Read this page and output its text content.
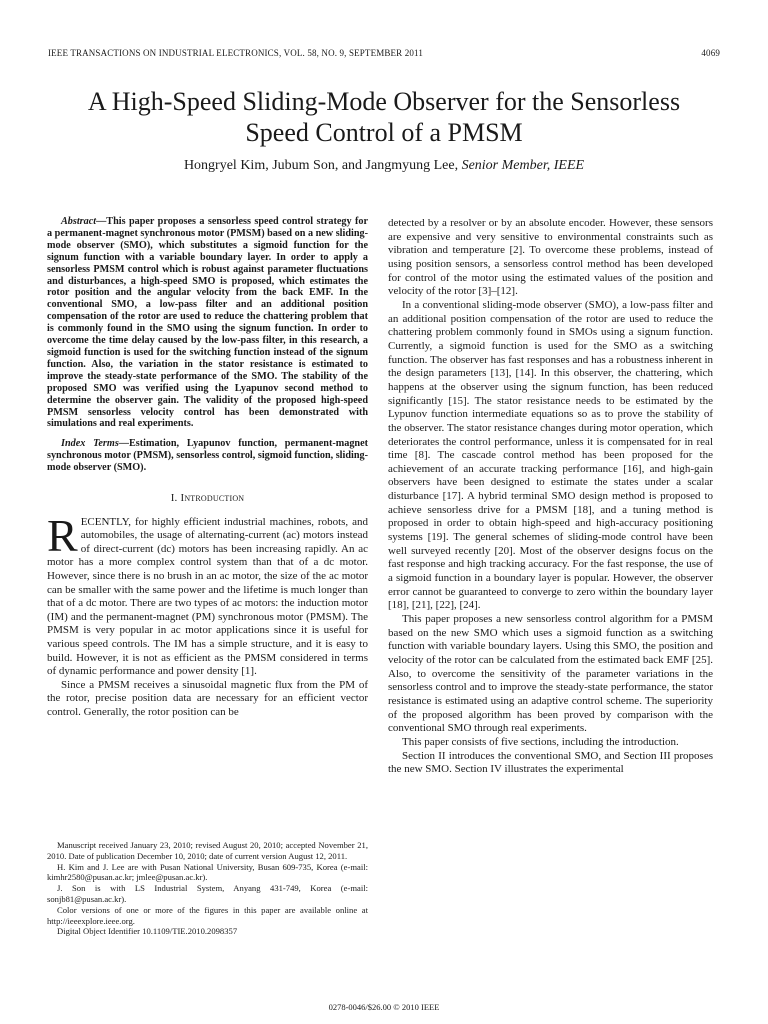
IEEE TRANSACTIONS ON INDUSTRIAL ELECTRONICS, VOL. 58, NO. 9, SEPTEMBER 2011	4069
A High-Speed Sliding-Mode Observer for the Sensorless Speed Control of a PMSM
Hongryel Kim, Jubum Son, and Jangmyung Lee, Senior Member, IEEE

Abstract—This paper proposes a sensorless speed control strategy for a permanent-magnet synchronous motor (PMSM) based on a new sliding-mode observer (SMO), which substitutes a sigmoid function for the signum function with a variable boundary layer. In order to apply a sensorless PMSM control which is robust against parameter fluctuations and disturbances, a high-speed SMO is proposed, which estimates the rotor position and the angular velocity from the back EMF. In the conventional SMO, a low-pass filter and an additional position compensation of the rotor are used to reduce the chattering problem that is commonly found in the SMO using the signum function. In order to overcome the time delay caused by the low-pass filter, in this research, a sigmoid function is used for the switching function instead of the signum function. Also, the variation in the stator resistance is estimated to improve the steady-state performance of the SMO. The stability of the proposed SMO was verified using the Lyapunov second method to determine the observer gain. The validity of the proposed high-speed PMSM sensorless velocity control has been demonstrated with simulations and real experiments.

Index Terms—Estimation, Lyapunov function, permanent-magnet synchronous motor (PMSM), sensorless control, sigmoid function, sliding-mode observer (SMO).

I. Introduction

RECENTLY, for highly efficient industrial machines, robots, and automobiles, the usage of alternating-current (ac) motors instead of direct-current (dc) motors has been increasing rapidly. An ac motor has a more complex control system than that of a dc motor. However, since there is no brush in an ac motor, the size of the ac motor can be smaller with the same power and the lifetime is much longer than that of a dc motor. There are two types of ac motors: the induction motor (IM) and the permanent-magnet (PM) synchronous motor (PMSM). The PMSM is very popular in ac motor applications since it is useful for various speed controls. The IM has a simple structure, and it is easy to build. However, it is not as efficient as the PMSM considered in terms of dynamic performance and power density [1].

Since a PMSM receives a sinusoidal magnetic flux from the PM of the rotor, precise position data are necessary for an efficient vector control. Generally, the rotor position can be

Manuscript received January 23, 2010; revised August 20, 2010; accepted November 21, 2010. Date of publication December 10, 2010; date of current version August 12, 2011.

H. Kim and J. Lee are with Pusan National University, Busan 609-735, Korea (e-mail: kimhr2580@pusan.ac.kr; jmlee@pusan.ac.kr).

J. Son is with LS Industrial System, Anyang 431-749, Korea (e-mail: sonjb81@pusan.ac.kr).

Color versions of one or more of the figures in this paper are available online at http://ieeexplore.ieee.org.

Digital Object Identifier 10.1109/TIE.2010.2098357

detected by a resolver or by an absolute encoder. However, these sensors are expensive and very sensitive to environmental constraints such as vibration and temperature [2]. To overcome these problems, instead of using position sensors, a sensorless control method has been developed for control of the motor using the estimated values of the position and velocity of the rotor [3]–[12].

In a conventional sliding-mode observer (SMO), a low-pass filter and an additional position compensation of the rotor are used to reduce the chattering problem commonly found in SMOs using a signum function. Currently, a sigmoid function is used for the SMO as a switching function. The observer has fast responses and has a robustness inherent in the design parameters [13], [14]. In this observer, the chattering, which happens at the observer using the signum function, has been reduced significantly [15]. The stator resistance needs to be estimated by the Lypunov function intermediate equations so as to prove the stability of the observer. The stator resistance changes during motor operation, which deteriorates the control performance, unless it is compensated for in real time [8]. The cascade control method has been proposed for the achievement of an accurate tracking performance [16], and high-gain observers have been designed to estimate the states under a scalar disturbance [17]. A hybrid terminal SMO design method is proposed to achieve sensorless drive for a PMSM [18], and a tuning method is proposed in order to obtain high-speed and high-accuracy positioning systems [19]. The general schemes of sliding-mode control have been well surveyed recently [20]. Most of the observer designs focus on the fast response and high tracking accuracy. For the fast response, the use of a sigmoid function in a boundary layer is popular. However, the observer error cannot be guaranteed to converge to zero within the boundary layer [18], [21], [22], [24].

This paper proposes a new sensorless control algorithm for a PMSM based on the new SMO which uses a sigmoid function as a switching function with variable boundary layers. Using this SMO, the position and velocity of the rotor can be calculated from the estimated back EMF [25]. Also, to overcome the sensitivity of the parameter variations in the sensorless control and to improve the steady-state performance, the stator resistance is estimated using an adaptive control scheme. The superiority of the proposed algorithm has been proved by comparison with the conventional SMO through real experiments.

This paper consists of five sections, including the introduction.

Section II introduces the conventional SMO, and Section III proposes the new SMO. Section IV illustrates the experimental

0278-0046/$26.00 © 2010 IEEE
